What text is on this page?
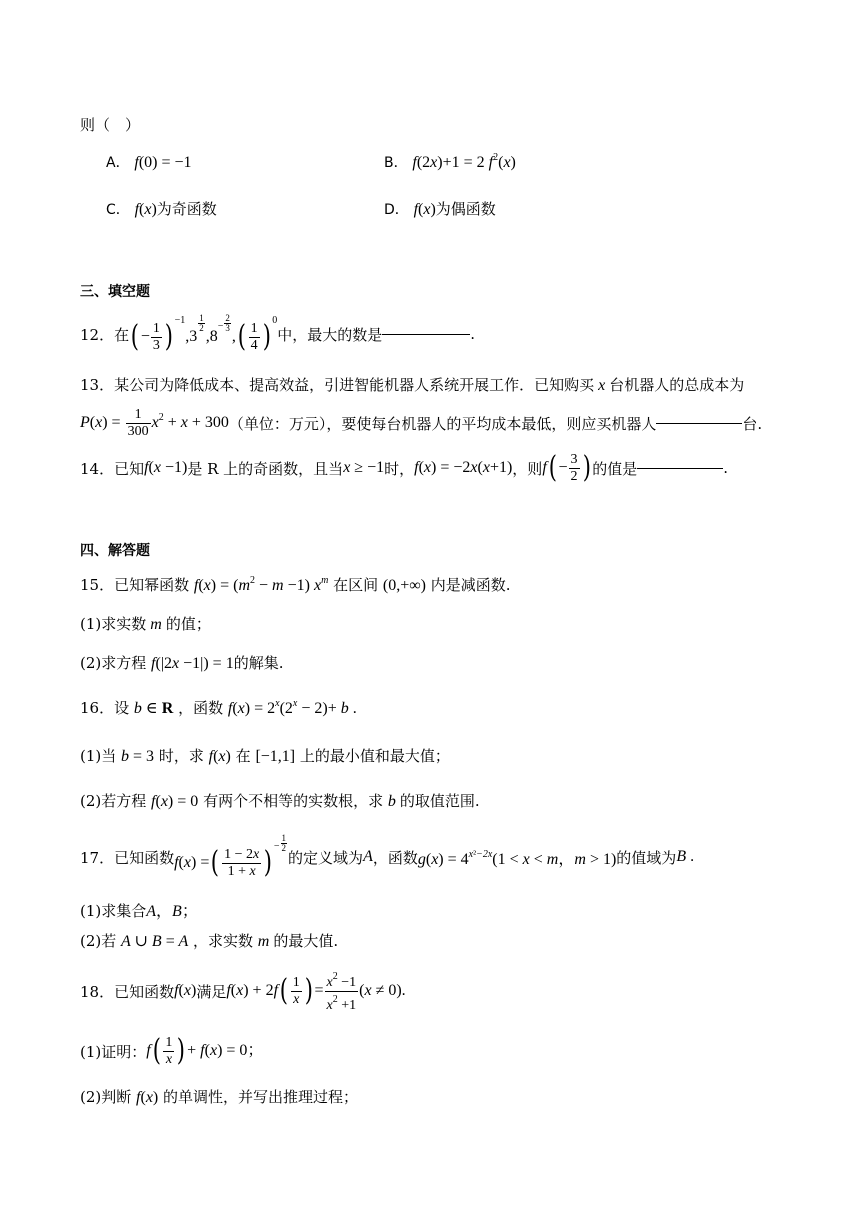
则（　）
A． f(0) = −1	B． f(2x)+1 = 2 $f^2(x)$
C． f(x)为奇函数	D． f(x)为偶函数
三、填空题
12．在 ( − $\frac{1}{3}$ ) $^{-1}$,3
$\frac{1}{2}$
$,8^- \frac{2}{3}$
,( $\frac{1}{4}$ ) $^0$
中，最大的数是	.
13．某公司为降低成本、提高效益，引进智能机器人系统开展工作．已知购买 x 台机器人的总成本为
$P(x) = \frac{1}{300} x^2 + x + 300$ （单位：万元），要使每台机器人的平均成本最低，则应买机器人	台.
14．已知 f(x −1) 是 R 上的奇函数，且当 x ≥ −1 时， f(x) = −2x(x+1) ，则 $f( - \frac{3}{2}$ ) 的值是	.
四、解答题
15．已知幂函数 $f(x) = (m^2 - m -1)$ $x^m$ 在区间 (0,+∞) 内是减函数.
(1)求实数 m 的值；
(2)求方程 f(|2x −1|) = 1的解集.
16．设 b ∈ R ，函数 $f(x) = 2^x(2^x - 2)+ b$ .
(1)当 b = 3 时，求 f(x) 在 [−1,1] 上的最小值和最大值；
(2)若方程 f(x) = 0 有两个不相等的实数根，求 b 的取值范围.
17．已知函数 f(x) =( $\frac{1 - 2x}{1 + x}$ ) $^- \frac{1}{2}$
的定义域为 A ，函数 $g(x) = 4^{x^2-2x}(1 < x < m$，m > 1) 的值域为 B .
(1)求集合A，B；
(2)若 A ∪ B = A ，求实数 m 的最大值.
18．已知函数 f(x) 满足 $f(x) + 2f( \frac{1}{x}$ ) = $\frac{x^2 -1}{x^2 +1} (x \ne 0)$.
(1)证明： $f( \frac{1}{x}$ ) + f(x) = 0；
(2)判断 f(x) 的单调性，并写出推理过程；
